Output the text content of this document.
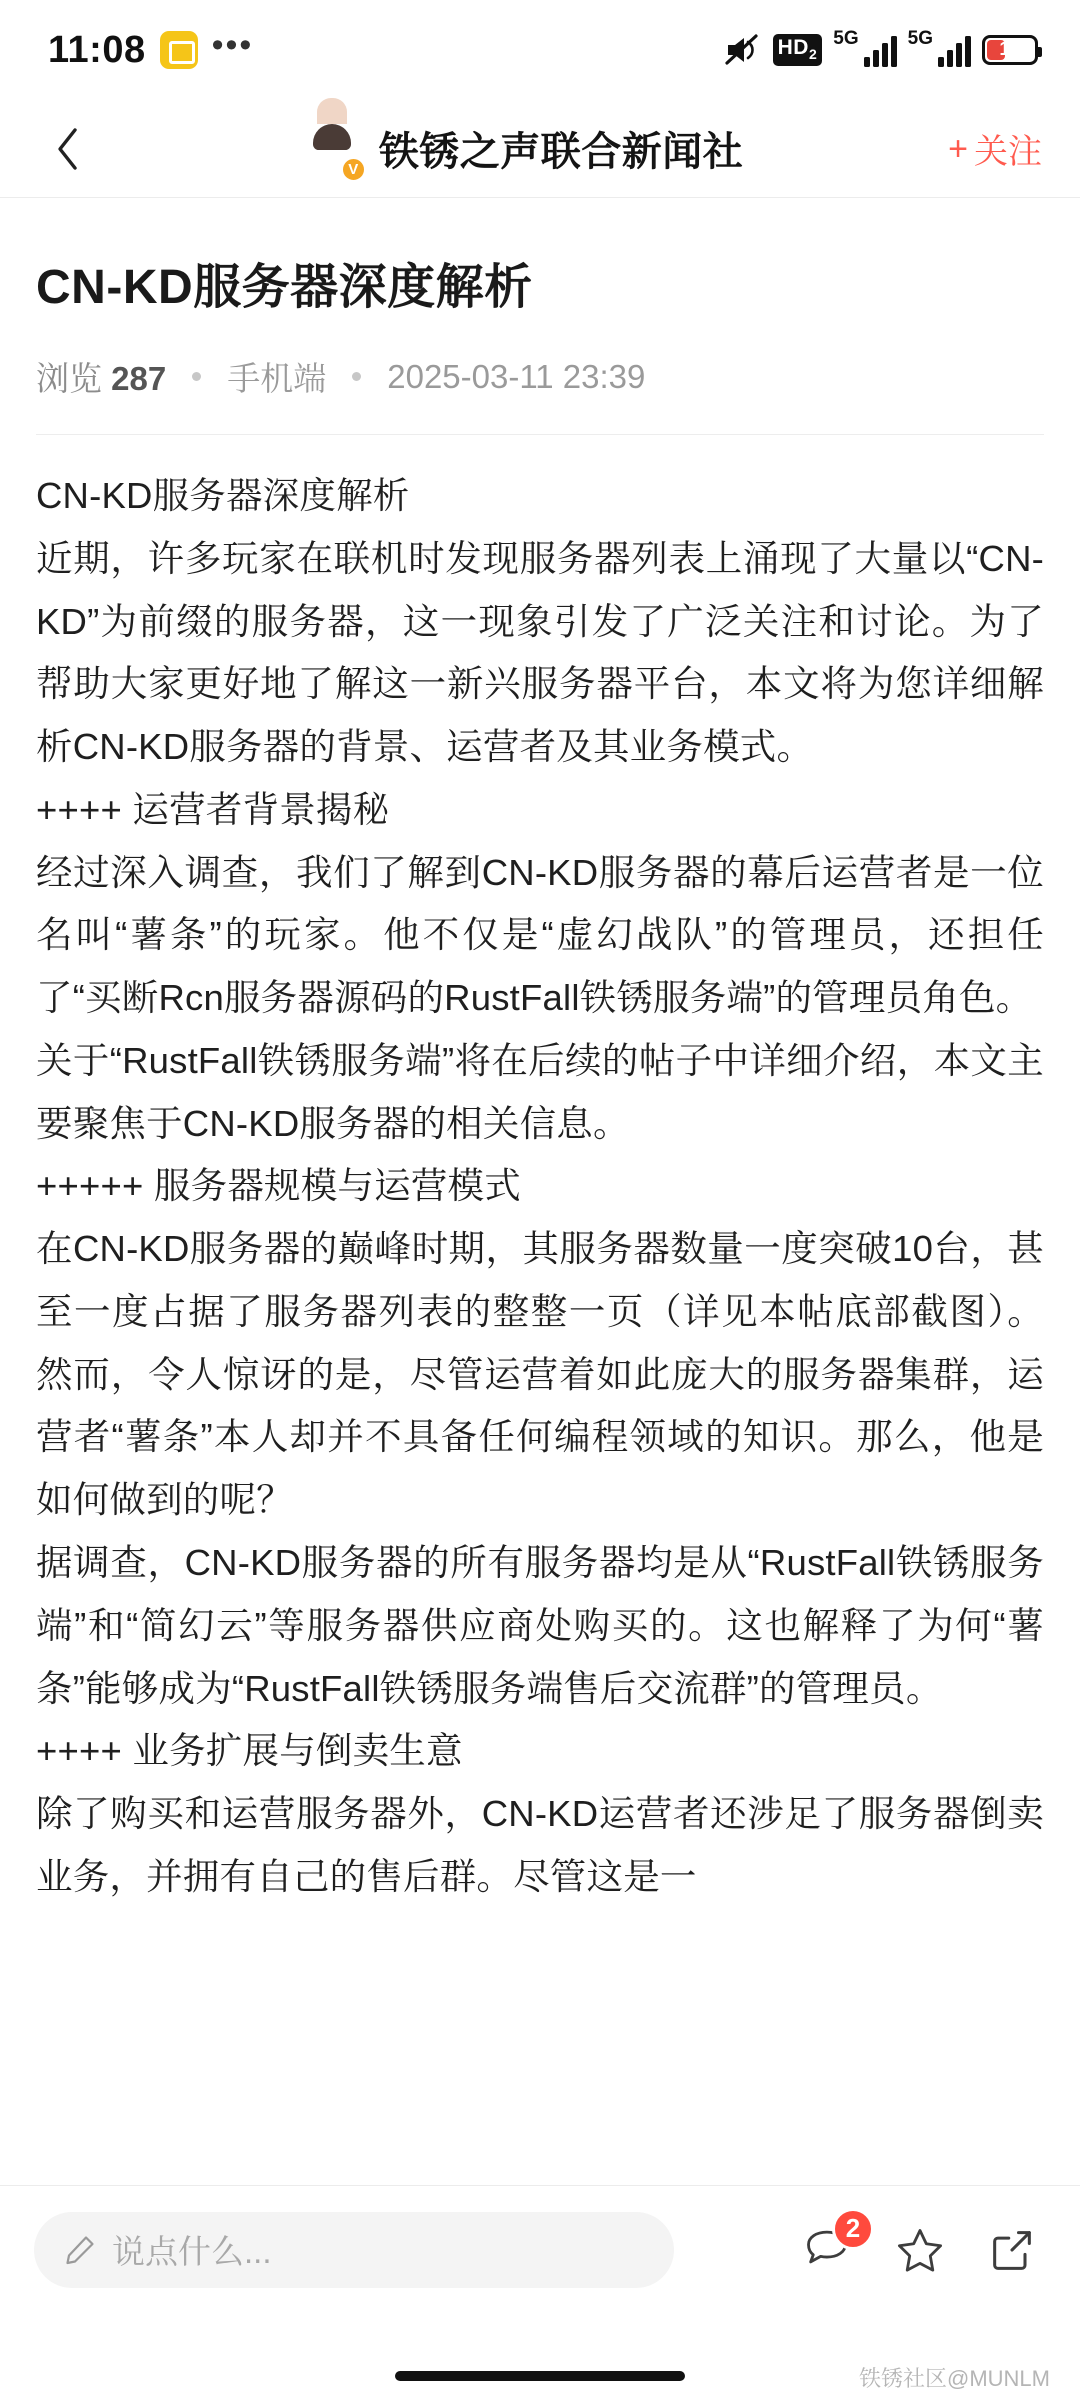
11:08 •••	$HD_2$
5G	5G
13
V 铁锈之声联合新闻社	+ 关注
CN-KD服务器深度解析
浏览 287 手机端 2025-03-11 23:39

CN-KD服务器深度解析

近期，许多玩家在联机时发现服务器列表上涌现了大量以“CN-KD”为前缀的服务器，这一现象引发了广泛关注和讨论。为了帮助大家更好地了解这一新兴服务器平台，本文将为您详细解析CN-KD服务器的背景、运营者及其业务模式。

++++ 运营者背景揭秘

经过深入调查，我们了解到CN-KD服务器的幕后运营者是一位名叫“薯条”的玩家。他不仅是“虚幻战队”的管理员，还担任了“买断Rcn服务器源码的RustFall铁锈服务端”的管理员角色。

关于“RustFall铁锈服务端”将在后续的帖子中详细介绍，本文主要聚焦于CN-KD服务器的相关信息。

+++++ 服务器规模与运营模式

在CN-KD服务器的巅峰时期，其服务器数量一度突破10台，甚至一度占据了服务器列表的整整一页（详见本帖底部截图）。然而，令人惊讶的是，尽管运营着如此庞大的服务器集群，运营者“薯条”本人却并不具备任何编程领域的知识。那么，他是如何做到的呢？

据调查，CN-KD服务器的所有服务器均是从“RustFall铁锈服务端”和“简幻云”等服务器供应商处购买的。这也解释了为何“薯条”能够成为“RustFall铁锈服务端售后交流群”的管理员。

++++ 业务扩展与倒卖生意

除了购买和运营服务器外，CN-KD运营者还涉足了服务器倒卖业务，并拥有自己的售后群。尽管这是一

说点什么...
2
铁锈社区@MUNLM
